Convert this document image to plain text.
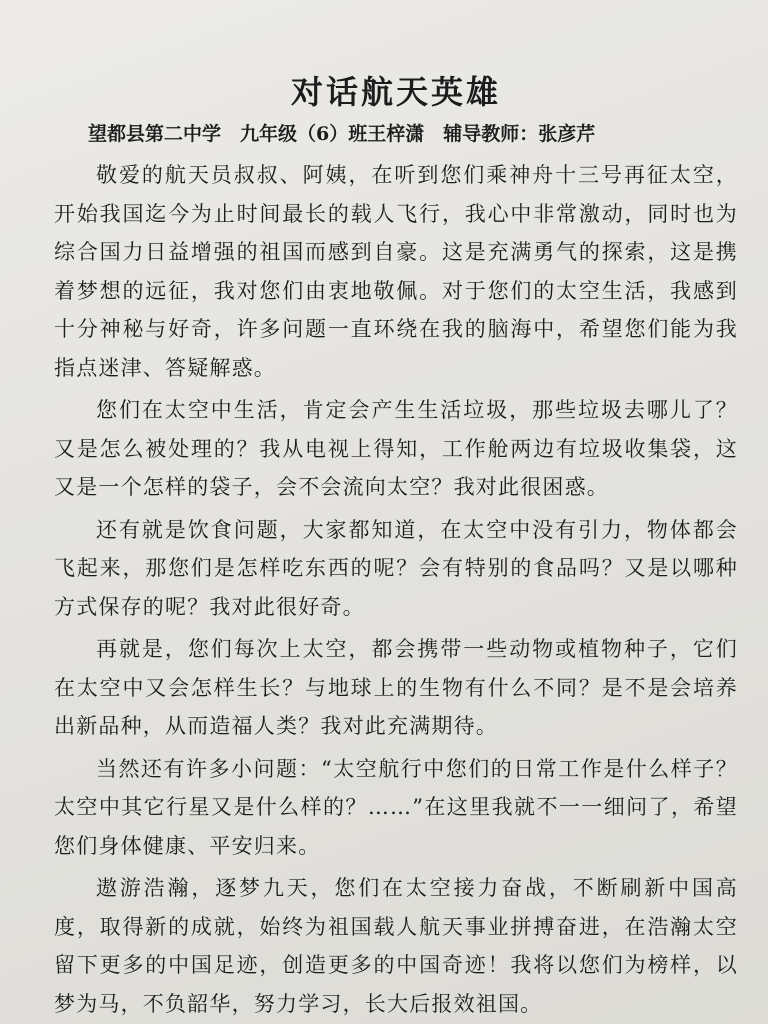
对话航天英雄
望都县第二中学　九年级（6）班王梓潇　辅导教师：张彦芹

敬爱的航天员叔叔、阿姨，在听到您们乘神舟十三号再征太空，开始我国迄今为止时间最长的载人飞行，我心中非常激动，同时也为综合国力日益增强的祖国而感到自豪。这是充满勇气的探索，这是携着梦想的远征，我对您们由衷地敬佩。对于您们的太空生活，我感到十分神秘与好奇，许多问题一直环绕在我的脑海中，希望您们能为我指点迷津、答疑解惑。

您们在太空中生活，肯定会产生生活垃圾，那些垃圾去哪儿了？又是怎么被处理的？我从电视上得知，工作舱两边有垃圾收集袋，这又是一个怎样的袋子，会不会流向太空？我对此很困惑。

还有就是饮食问题，大家都知道，在太空中没有引力，物体都会飞起来，那您们是怎样吃东西的呢？会有特别的食品吗？又是以哪种方式保存的呢？我对此很好奇。

再就是，您们每次上太空，都会携带一些动物或植物种子，它们在太空中又会怎样生长？与地球上的生物有什么不同？是不是会培养出新品种，从而造福人类？我对此充满期待。

当然还有许多小问题：“太空航行中您们的日常工作是什么样子？太空中其它行星又是什么样的？……”在这里我就不一一细问了，希望您们身体健康、平安归来。

遨游浩瀚，逐梦九天，您们在太空接力奋战，不断刷新中国高度，取得新的成就，始终为祖国载人航天事业拼搏奋进，在浩瀚太空留下更多的中国足迹，创造更多的中国奇迹！我将以您们为榜样，以梦为马，不负韶华，努力学习，长大后报效祖国。
